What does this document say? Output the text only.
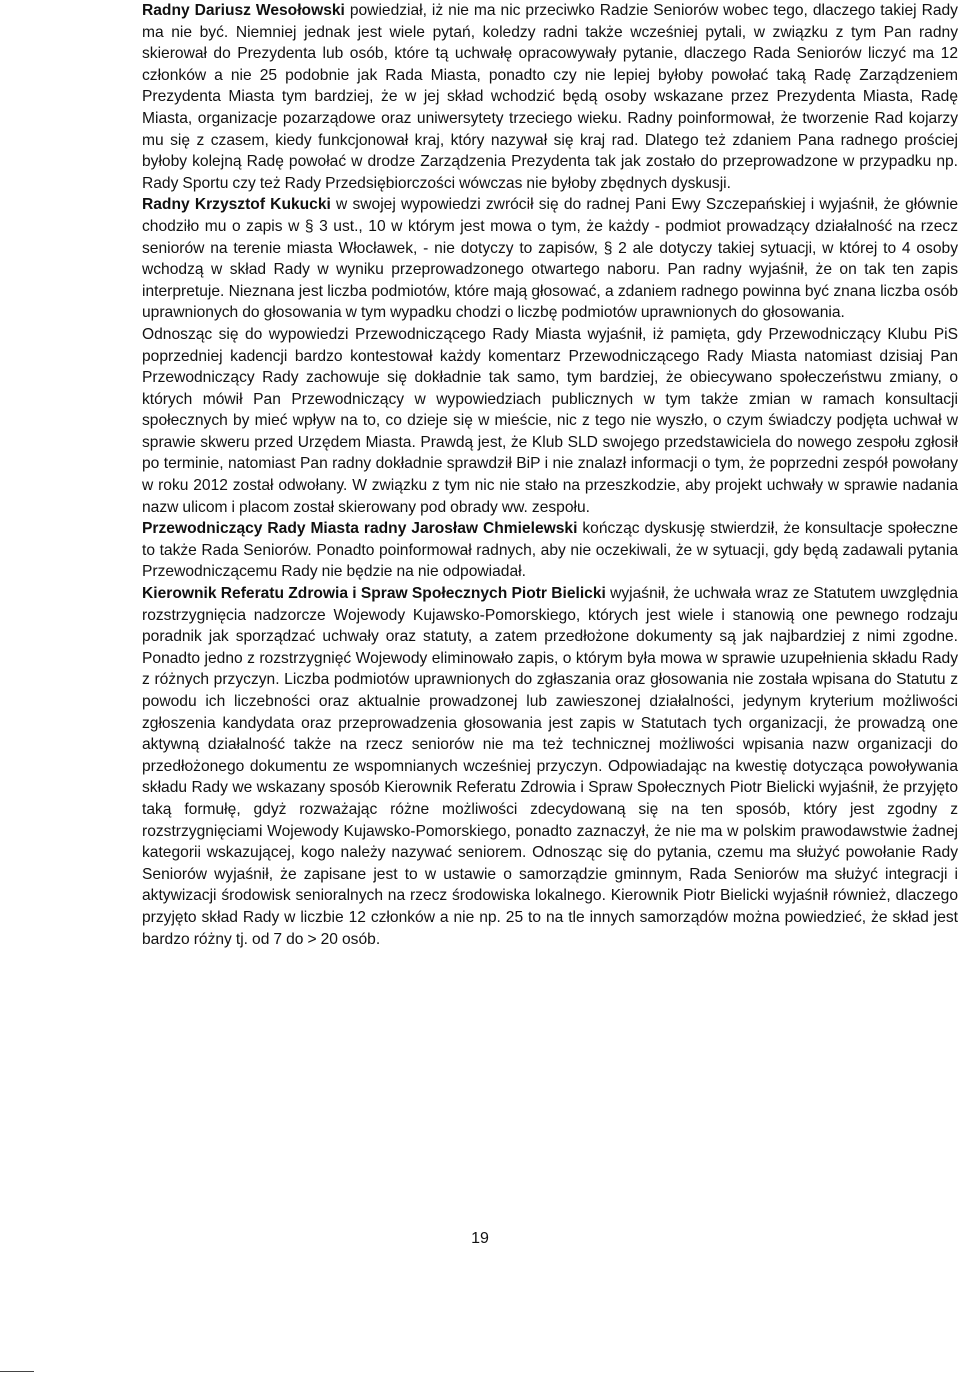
Radny Dariusz Wesołowski powiedział, iż nie ma nic przeciwko Radzie Seniorów wobec tego, dlaczego takiej Rady ma nie być. Niemniej jednak jest wiele pytań, koledzy radni także wcześniej pytali, w związku z tym Pan radny skierował do Prezydenta lub osób, które tą uchwałę opracowywały pytanie, dlaczego Rada Seniorów liczyć ma 12 członków a nie 25 podobnie jak Rada Miasta, ponadto czy nie lepiej byłoby powołać taką Radę Zarządzeniem Prezydenta Miasta tym bardziej, że w jej skład wchodzić będą osoby wskazane przez Prezydenta Miasta, Radę Miasta, organizacje pozarządowe oraz uniwersytety trzeciego wieku. Radny poinformował, że tworzenie Rad kojarzy mu się z czasem, kiedy funkcjonował kraj, który nazywał się kraj rad. Dlatego też zdaniem Pana radnego prościej byłoby kolejną Radę powołać w drodze Zarządzenia Prezydenta tak jak zostało do przeprowadzone w przypadku np. Rady Sportu czy też Rady Przedsiębiorczości wówczas nie byłoby zbędnych dyskusji.

Radny Krzysztof Kukucki w swojej wypowiedzi zwrócił się do radnej Pani Ewy Szczepańskiej i wyjaśnił, że głównie chodziło mu o zapis w § 3 ust., 10 w którym jest mowa o tym, że każdy - podmiot prowadzący działalność na rzecz seniorów na terenie miasta Włocławek, - nie dotyczy to zapisów, § 2 ale dotyczy takiej sytuacji, w której to 4 osoby wchodzą w skład Rady w wyniku przeprowadzonego otwartego naboru. Pan radny wyjaśnił, że on tak ten zapis interpretuje. Nieznana jest liczba podmiotów, które mają głosować, a zdaniem radnego powinna być znana liczba osób uprawnionych do głosowania w tym wypadku chodzi o liczbę podmiotów uprawnionych do głosowania.

Odnosząc się do wypowiedzi Przewodniczącego Rady Miasta wyjaśnił, iż pamięta, gdy Przewodniczący Klubu PiS poprzedniej kadencji bardzo kontestował każdy komentarz Przewodniczącego Rady Miasta natomiast dzisiaj Pan Przewodniczący Rady zachowuje się dokładnie tak samo, tym bardziej, że obiecywano społeczeństwu zmiany, o których mówił Pan Przewodniczący w wypowiedziach publicznych w tym także zmian w ramach konsultacji społecznych by mieć wpływ na to, co dzieje się w mieście, nic z tego nie wyszło, o czym świadczy podjęta uchwał w sprawie skweru przed Urzędem Miasta. Prawdą jest, że Klub SLD swojego przedstawiciela do nowego zespołu zgłosił po terminie, natomiast Pan radny dokładnie sprawdził BiP i nie znalazł informacji o tym, że poprzedni zespół powołany w roku 2012 został odwołany. W związku z tym nic nie stało na przeszkodzie, aby projekt uchwały w sprawie nadania nazw ulicom i placom został skierowany pod obrady ww. zespołu.

Przewodniczący Rady Miasta radny Jarosław Chmielewski kończąc dyskusję stwierdził, że konsultacje społeczne to także Rada Seniorów. Ponadto poinformował radnych, aby nie oczekiwali, że w sytuacji, gdy będą zadawali pytania Przewodniczącemu Rady nie będzie na nie odpowiadał.

Kierownik Referatu Zdrowia i Spraw Społecznych Piotr Bielicki wyjaśnił, że uchwała wraz ze Statutem uwzględnia rozstrzygnięcia nadzorcze Wojewody Kujawsko-Pomorskiego, których jest wiele i stanowią one pewnego rodzaju poradnik jak sporządzać uchwały oraz statuty, a zatem przedłożone dokumenty są jak najbardziej z nimi zgodne. Ponadto jedno z rozstrzygnięć Wojewody eliminowało zapis, o którym była mowa w sprawie uzupełnienia składu Rady z różnych przyczyn. Liczba podmiotów uprawnionych do zgłaszania oraz głosowania nie została wpisana do Statutu z powodu ich liczebności oraz aktualnie prowadzonej lub zawieszonej działalności, jedynym kryterium możliwości zgłoszenia kandydata oraz przeprowadzenia głosowania jest zapis w Statutach tych organizacji, że prowadzą one aktywną działalność także na rzecz seniorów nie ma też technicznej możliwości wpisania nazw organizacji do przedłożonego dokumentu ze wspomnianych wcześniej przyczyn. Odpowiadając na kwestię dotycząca powoływania składu Rady we wskazany sposób Kierownik Referatu Zdrowia i Spraw Społecznych Piotr Bielicki wyjaśnił, że przyjęto taką formułę, gdyż rozważając różne możliwości zdecydowaną się na ten sposób, który jest zgodny z rozstrzygnięciami Wojewody Kujawsko-Pomorskiego, ponadto zaznaczył, że nie ma w polskim prawodawstwie żadnej kategorii wskazującej, kogo należy nazywać seniorem. Odnosząc się do pytania, czemu ma służyć powołanie Rady Seniorów wyjaśnił, że zapisane jest to w ustawie o samorządzie gminnym, Rada Seniorów ma służyć integracji i aktywizacji środowisk senioralnych na rzecz środowiska lokalnego. Kierownik Piotr Bielicki wyjaśnił również, dlaczego przyjęto skład Rady w liczbie 12 członków a nie np. 25 to na tle innych samorządów można powiedzieć, że skład jest bardzo różny tj. od 7 do > 20 osób.

19
